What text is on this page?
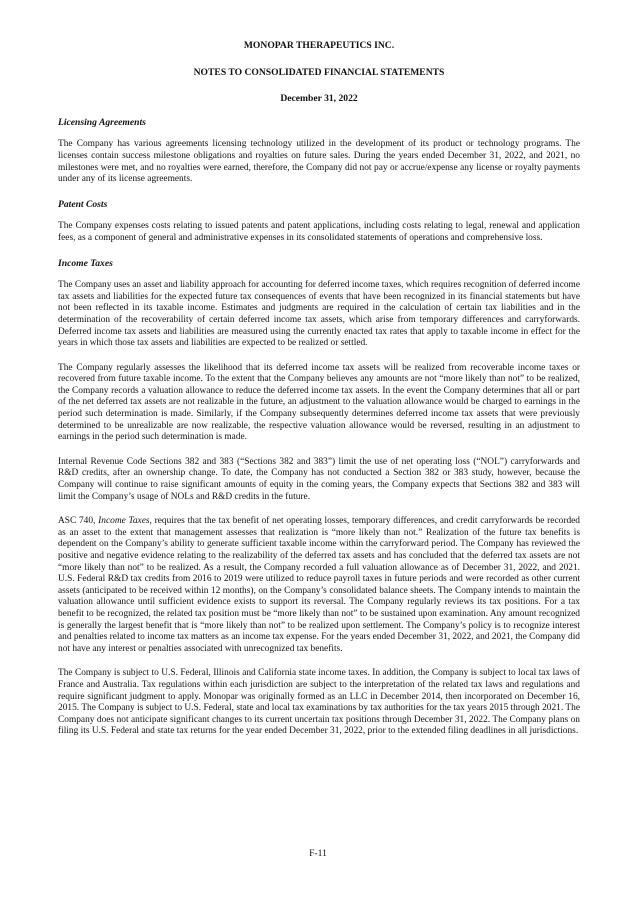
MONOPAR THERAPEUTICS INC.
NOTES TO CONSOLIDATED FINANCIAL STATEMENTS
December 31, 2022
Licensing Agreements

The Company has various agreements licensing technology utilized in the development of its product or technology programs. The licenses contain success milestone obligations and royalties on future sales. During the years ended December 31, 2022, and 2021, no milestones were met, and no royalties were earned, therefore, the Company did not pay or accrue/expense any license or royalty payments under any of its license agreements.

Patent Costs

The Company expenses costs relating to issued patents and patent applications, including costs relating to legal, renewal and application fees, as a component of general and administrative expenses in its consolidated statements of operations and comprehensive loss.

Income Taxes

The Company uses an asset and liability approach for accounting for deferred income taxes, which requires recognition of deferred income tax assets and liabilities for the expected future tax consequences of events that have been recognized in its financial statements but have not been reflected in its taxable income. Estimates and judgments are required in the calculation of certain tax liabilities and in the determination of the recoverability of certain deferred income tax assets, which arise from temporary differences and carryforwards. Deferred income tax assets and liabilities are measured using the currently enacted tax rates that apply to taxable income in effect for the years in which those tax assets and liabilities are expected to be realized or settled.

The Company regularly assesses the likelihood that its deferred income tax assets will be realized from recoverable income taxes or recovered from future taxable income. To the extent that the Company believes any amounts are not “more likely than not” to be realized, the Company records a valuation allowance to reduce the deferred income tax assets. In the event the Company determines that all or part of the net deferred tax assets are not realizable in the future, an adjustment to the valuation allowance would be charged to earnings in the period such determination is made. Similarly, if the Company subsequently determines deferred income tax assets that were previously determined to be unrealizable are now realizable, the respective valuation allowance would be reversed, resulting in an adjustment to earnings in the period such determination is made.

Internal Revenue Code Sections 382 and 383 (“Sections 382 and 383”) limit the use of net operating loss (“NOL”) carryforwards and R&D credits, after an ownership change. To date, the Company has not conducted a Section 382 or 383 study, however, because the Company will continue to raise significant amounts of equity in the coming years, the Company expects that Sections 382 and 383 will limit the Company’s usage of NOLs and R&D credits in the future.

ASC 740, Income Taxes, requires that the tax benefit of net operating losses, temporary differences, and credit carryforwards be recorded as an asset to the extent that management assesses that realization is “more likely than not.” Realization of the future tax benefits is dependent on the Company’s ability to generate sufficient taxable income within the carryforward period. The Company has reviewed the positive and negative evidence relating to the realizability of the deferred tax assets and has concluded that the deferred tax assets are not “more likely than not” to be realized. As a result, the Company recorded a full valuation allowance as of December 31, 2022, and 2021. U.S. Federal R&D tax credits from 2016 to 2019 were utilized to reduce payroll taxes in future periods and were recorded as other current assets (anticipated to be received within 12 months), on the Company’s consolidated balance sheets. The Company intends to maintain the valuation allowance until sufficient evidence exists to support its reversal. The Company regularly reviews its tax positions. For a tax benefit to be recognized, the related tax position must be “more likely than not” to be sustained upon examination. Any amount recognized is generally the largest benefit that is “more likely than not” to be realized upon settlement. The Company’s policy is to recognize interest and penalties related to income tax matters as an income tax expense. For the years ended December 31, 2022, and 2021, the Company did not have any interest or penalties associated with unrecognized tax benefits.

The Company is subject to U.S. Federal, Illinois and California state income taxes. In addition, the Company is subject to local tax laws of France and Australia. Tax regulations within each jurisdiction are subject to the interpretation of the related tax laws and regulations and require significant judgment to apply. Monopar was originally formed as an LLC in December 2014, then incorporated on December 16, 2015. The Company is subject to U.S. Federal, state and local tax examinations by tax authorities for the tax years 2015 through 2021. The Company does not anticipate significant changes to its current uncertain tax positions through December 31, 2022. The Company plans on filing its U.S. Federal and state tax returns for the year ended December 31, 2022, prior to the extended filing deadlines in all jurisdictions.

F-11
